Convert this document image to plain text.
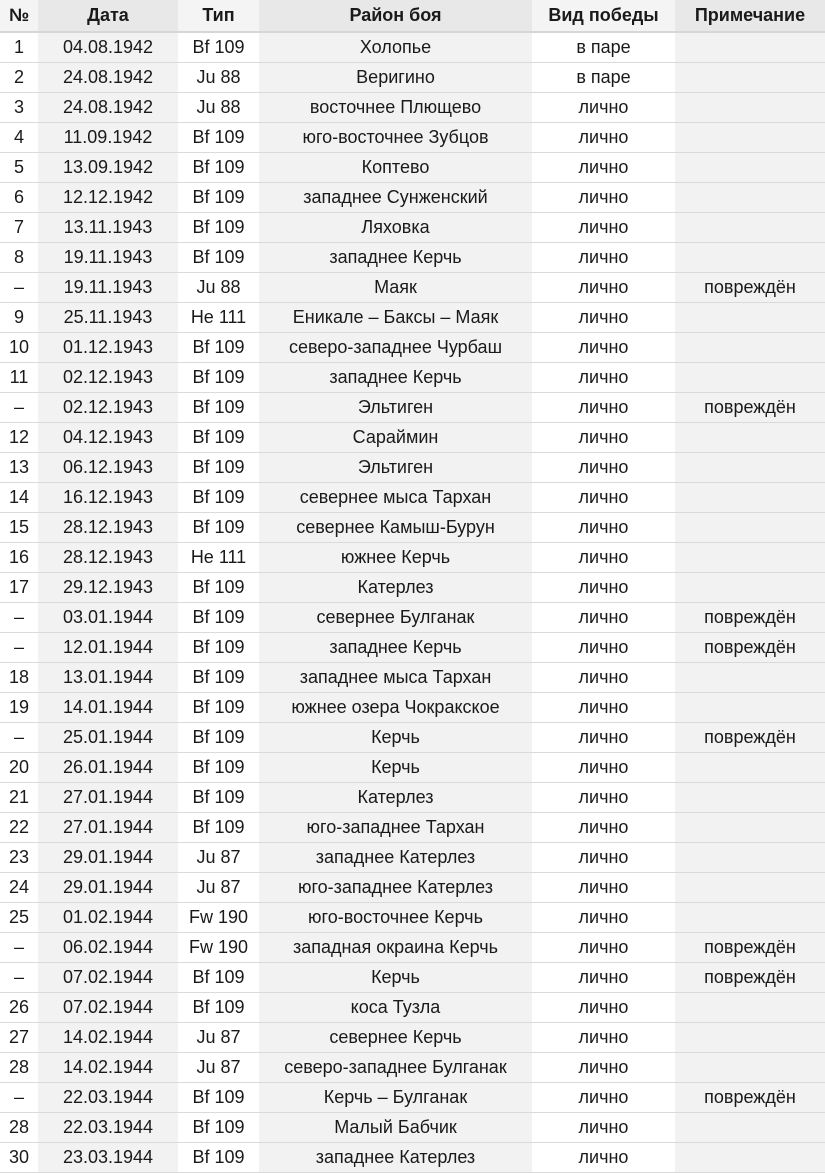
№	Дата	Тип	Район боя	Вид победы	Примечание
1	04.08.1942	Bf 109	Холопье	в паре	
2	24.08.1942	Ju 88	Веригино	в паре	
3	24.08.1942	Ju 88	восточнее Плющево	лично	
4	11.09.1942	Bf 109	юго-восточнее Зубцов	лично	
5	13.09.1942	Bf 109	Коптево	лично	
6	12.12.1942	Bf 109	западнее Сунженский	лично	
7	13.11.1943	Bf 109	Ляховка	лично	
8	19.11.1943	Bf 109	западнее Керчь	лично	
–	19.11.1943	Ju 88	Маяк	лично	повреждён
9	25.11.1943	He 111	Еникале – Баксы – Маяк	лично	
10	01.12.1943	Bf 109	северо-западнее Чурбаш	лично	
11	02.12.1943	Bf 109	западнее Керчь	лично	
–	02.12.1943	Bf 109	Эльтиген	лично	повреждён
12	04.12.1943	Bf 109	Сараймин	лично	
13	06.12.1943	Bf 109	Эльтиген	лично	
14	16.12.1943	Bf 109	севернее мыса Тархан	лично	
15	28.12.1943	Bf 109	севернее Камыш-Бурун	лично	
16	28.12.1943	He 111	южнее Керчь	лично	
17	29.12.1943	Bf 109	Катерлез	лично	
–	03.01.1944	Bf 109	севернее Булганак	лично	повреждён
–	12.01.1944	Bf 109	западнее Керчь	лично	повреждён
18	13.01.1944	Bf 109	западнее мыса Тархан	лично	
19	14.01.1944	Bf 109	южнее озера Чокракское	лично	
–	25.01.1944	Bf 109	Керчь	лично	повреждён
20	26.01.1944	Bf 109	Керчь	лично	
21	27.01.1944	Bf 109	Катерлез	лично	
22	27.01.1944	Bf 109	юго-западнее Тархан	лично	
23	29.01.1944	Ju 87	западнее Катерлез	лично	
24	29.01.1944	Ju 87	юго-западнее Катерлез	лично	
25	01.02.1944	Fw 190	юго-восточнее Керчь	лично	
–	06.02.1944	Fw 190	западная окраина Керчь	лично	повреждён
–	07.02.1944	Bf 109	Керчь	лично	повреждён
26	07.02.1944	Bf 109	коса Тузла	лично	
27	14.02.1944	Ju 87	севернее Керчь	лично	
28	14.02.1944	Ju 87	северо-западнее Булганак	лично	
–	22.03.1944	Bf 109	Керчь – Булганак	лично	повреждён
28	22.03.1944	Bf 109	Малый Бабчик	лично	
30	23.03.1944	Bf 109	западнее Катерлез	лично	
